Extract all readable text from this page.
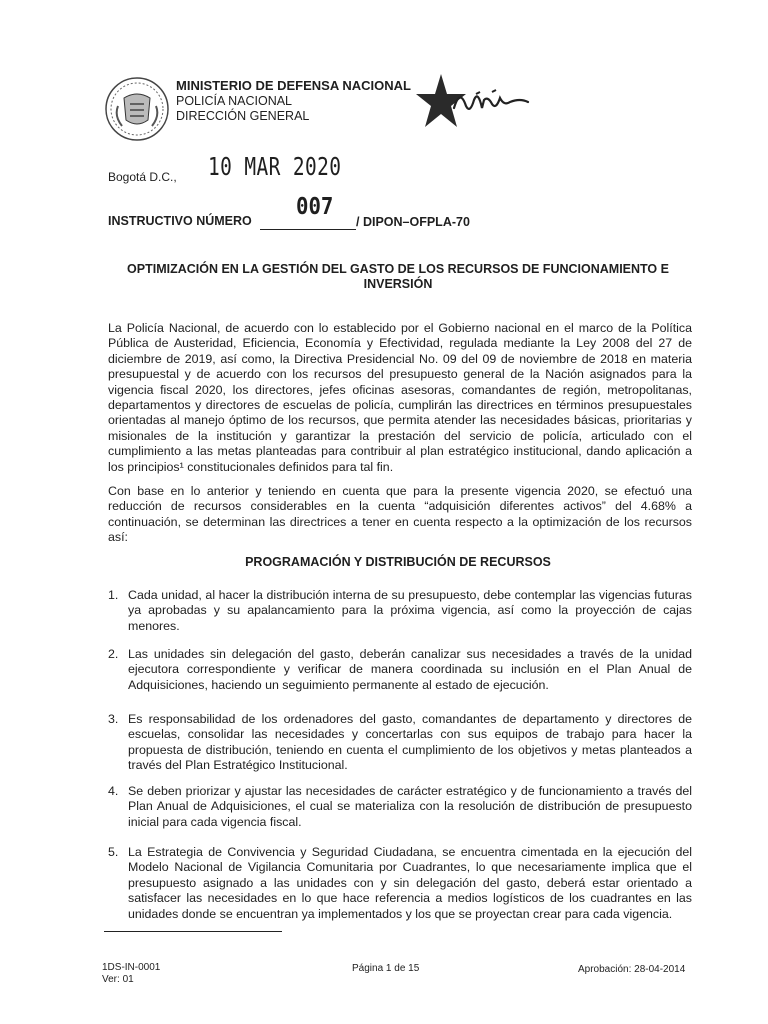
MINISTERIO DE DEFENSA NACIONAL
POLICÍA NACIONAL
DIRECCIÓN GENERAL
Bogotá D.C., 10 MAR 2020
INSTRUCTIVO NÚMERO
007
/ DIPON–OFPLA-70
OPTIMIZACIÓN EN LA GESTIÓN DEL GASTO DE LOS RECURSOS DE FUNCIONAMIENTO E INVERSIÓN
La Policía Nacional, de acuerdo con lo establecido por el Gobierno nacional en el marco de la Política Pública de Austeridad, Eficiencia, Economía y Efectividad, regulada mediante la Ley 2008 del 27 de diciembre de 2019, así como, la Directiva Presidencial No. 09 del 09 de noviembre de 2018 en materia presupuestal y de acuerdo con los recursos del presupuesto general de la Nación asignados para la vigencia fiscal 2020, los directores, jefes oficinas asesoras, comandantes de región, metropolitanas, departamentos y directores de escuelas de policía, cumplirán las directrices en términos presupuestales orientadas al manejo óptimo de los recursos, que permita atender las necesidades básicas, prioritarias y misionales de la institución y garantizar la prestación del servicio de policía, articulado con el cumplimiento a las metas planteadas para contribuir al plan estratégico institucional, dando aplicación a los principios¹ constitucionales definidos para tal fin.
Con base en lo anterior y teniendo en cuenta que para la presente vigencia 2020, se efectuó una reducción de recursos considerables en la cuenta “adquisición diferentes activos” del 4.68% a continuación, se determinan las directrices a tener en cuenta respecto a la optimización de los recursos así:
PROGRAMACIÓN Y DISTRIBUCIÓN DE RECURSOS
1. Cada unidad, al hacer la distribución interna de su presupuesto, debe contemplar las vigencias futuras ya aprobadas y su apalancamiento para la próxima vigencia, así como la proyección de cajas menores.
2. Las unidades sin delegación del gasto, deberán canalizar sus necesidades a través de la unidad ejecutora correspondiente y verificar de manera coordinada su inclusión en el Plan Anual de Adquisiciones, haciendo un seguimiento permanente al estado de ejecución.
3. Es responsabilidad de los ordenadores del gasto, comandantes de departamento y directores de escuelas, consolidar las necesidades y concertarlas con sus equipos de trabajo para hacer la propuesta de distribución, teniendo en cuenta el cumplimiento de los objetivos y metas planteados a través del Plan Estratégico Institucional.
4. Se deben priorizar y ajustar las necesidades de carácter estratégico y de funcionamiento a través del Plan Anual de Adquisiciones, el cual se materializa con la resolución de distribución de presupuesto inicial para cada vigencia fiscal.
5. La Estrategia de Convivencia y Seguridad Ciudadana, se encuentra cimentada en la ejecución del Modelo Nacional de Vigilancia Comunitaria por Cuadrantes, lo que necesariamente implica que el presupuesto asignado a las unidades con y sin delegación del gasto, deberá estar orientado a satisfacer las necesidades en lo que hace referencia a medios logísticos de los cuadrantes en las unidades donde se encuentran ya implementados y los que se proyectan crear para cada vigencia.
1DS-IN-0001
Ver: 01
Página 1 de 15	Aprobación: 28-04-2014
